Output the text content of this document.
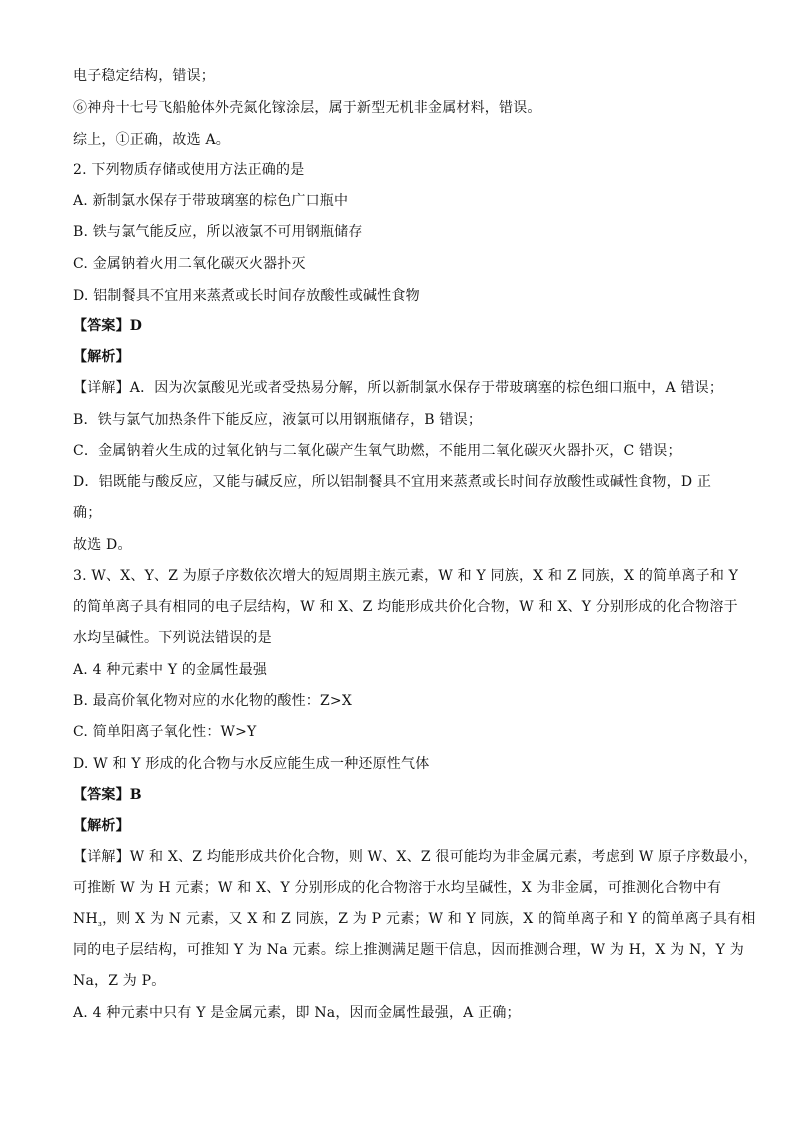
电子稳定结构，错误；
⑥神舟十七号飞船舱体外壳氮化镓涂层，属于新型无机非金属材料，错误。
综上，①正确，故选 A。
2. 下列物质存储或使用方法正确的是
A. 新制氯水保存于带玻璃塞的棕色广口瓶中
B. 铁与氯气能反应，所以液氯不可用钢瓶储存
C. 金属钠着火用二氧化碳灭火器扑灭
D. 铝制餐具不宜用来蒸煮或长时间存放酸性或碱性食物
【答案】D
【解析】
【详解】A．因为次氯酸见光或者受热易分解，所以新制氯水保存于带玻璃塞的棕色细口瓶中，A 错误；
B．铁与氯气加热条件下能反应，液氯可以用钢瓶储存，B 错误；
C．金属钠着火生成的过氧化钠与二氧化碳产生氧气助燃，不能用二氧化碳灭火器扑灭，C 错误；
D．铝既能与酸反应，又能与碱反应，所以铝制餐具不宜用来蒸煮或长时间存放酸性或碱性食物，D 正
确；
故选 D。
3. W、X、Y、Z 为原子序数依次增大的短周期主族元素，W 和 Y 同族，X 和 Z 同族，X 的简单离子和 Y
的简单离子具有相同的电子层结构，W 和 X、Z 均能形成共价化合物，W 和 X、Y 分别形成的化合物溶于
水均呈碱性。下列说法错误的是
A. 4 种元素中 Y 的金属性最强
B. 最高价氧化物对应的水化物的酸性：Z>X
C. 简单阳离子氧化性：W>Y
D. W 和 Y 形成的化合物与水反应能生成一种还原性气体
【答案】B
【解析】
【详解】W 和 X、Z 均能形成共价化合物，则 W、X、Z 很可能均为非金属元素，考虑到 W 原子序数最小，
可推断 W 为 H 元素；W 和 X、Y 分别形成的化合物溶于水均呈碱性，X 为非金属，可推测化合物中有
$NH_{_3}$，则 X 为 N 元素，又 X 和 Z 同族，Z 为 P 元素；W 和 Y 同族，X 的简单离子和 Y 的简单离子具有相
同的电子层结构，可推知 Y 为 Na 元素。综上推测满足题干信息，因而推测合理，W 为 H，X 为 N，Y 为
Na，Z 为 P。
A. 4 种元素中只有 Y 是金属元素，即 Na，因而金属性最强，A 正确；
